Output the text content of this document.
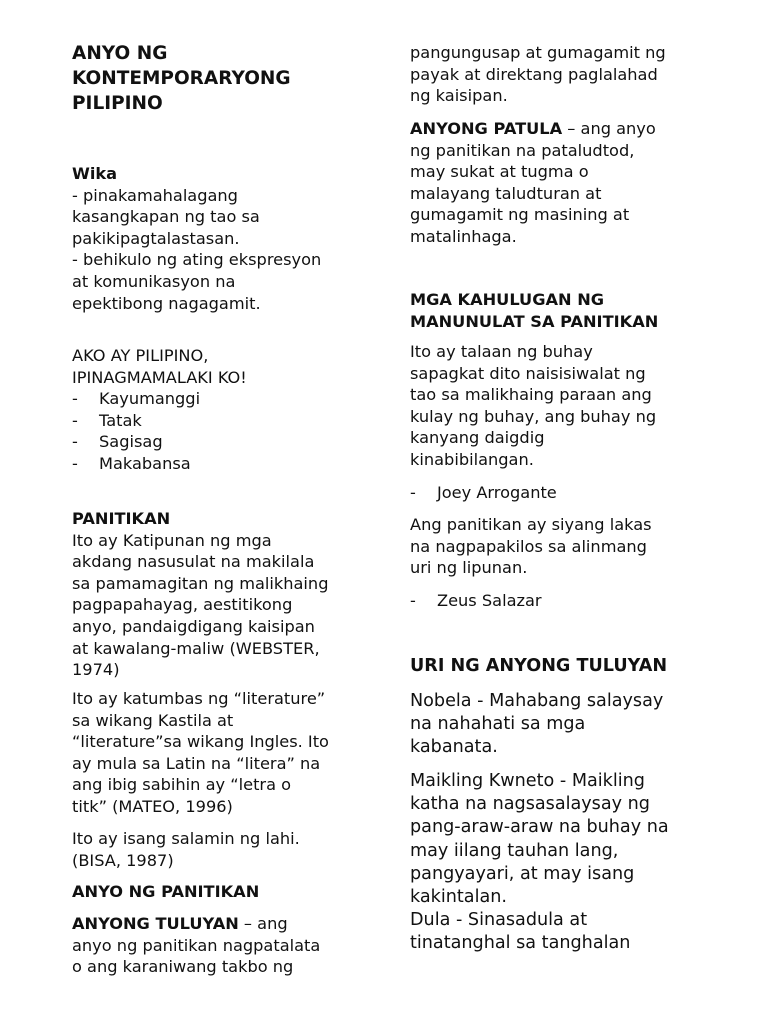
ANYO NG
KONTEMPORARYONG
PILIPINO
Wika
- pinakamahalagang
kasangkapan ng tao sa
pakikipagtalastasan.
- behikulo ng ating ekspresyon
at komunikasyon na
epektibong nagagamit.
AKO AY PILIPINO,
IPINAGMAMALAKI KO!
- Kayumanggi
- Tatak
- Sagisag
- Makabansa
PANITIKAN
Ito ay Katipunan ng mga
akdang nasusulat na makilala
sa pamamagitan ng malikhaing
pagpapahayag, aestitikong
anyo, pandaigdigang kaisipan
at kawalang-maliw (WEBSTER,
1974)
Ito ay katumbas ng “literature”
sa wikang Kastila at
“literature”sa wikang Ingles. Ito
ay mula sa Latin na “litera” na
ang ibig sabihin ay “letra o
titk” (MATEO, 1996)
Ito ay isang salamin ng lahi.
(BISA, 1987)
ANYO NG PANITIKAN
ANYONG TULUYAN – ang
anyo ng panitikan nagpatalata
o ang karaniwang takbo ng
pangungusap at gumagamit ng
payak at direktang paglalahad
ng kaisipan.
ANYONG PATULA – ang anyo
ng panitikan na pataludtod,
may sukat at tugma o
malayang taludturan at
gumagamit ng masining at
matalinhaga.
MGA KAHULUGAN NG
MANUNULAT SA PANITIKAN
Ito ay talaan ng buhay
sapagkat dito naisisiwalat ng
tao sa malikhaing paraan ang
kulay ng buhay, ang buhay ng
kanyang daigdig
kinabibilangan.
- Joey Arrogante
Ang panitikan ay siyang lakas
na nagpapakilos sa alinmang
uri ng lipunan.
- Zeus Salazar
URI NG ANYONG TULUYAN
Nobela - Mahabang salaysay
na nahahati sa mga
kabanata.
Maikling Kwneto - Maikling
katha na nagsasalaysay ng
pang-araw-araw na buhay na
may iilang tauhan lang,
pangyayari, at may isang
kakintalan.
Dula - Sinasadula at
tinatanghal sa tanghalan
